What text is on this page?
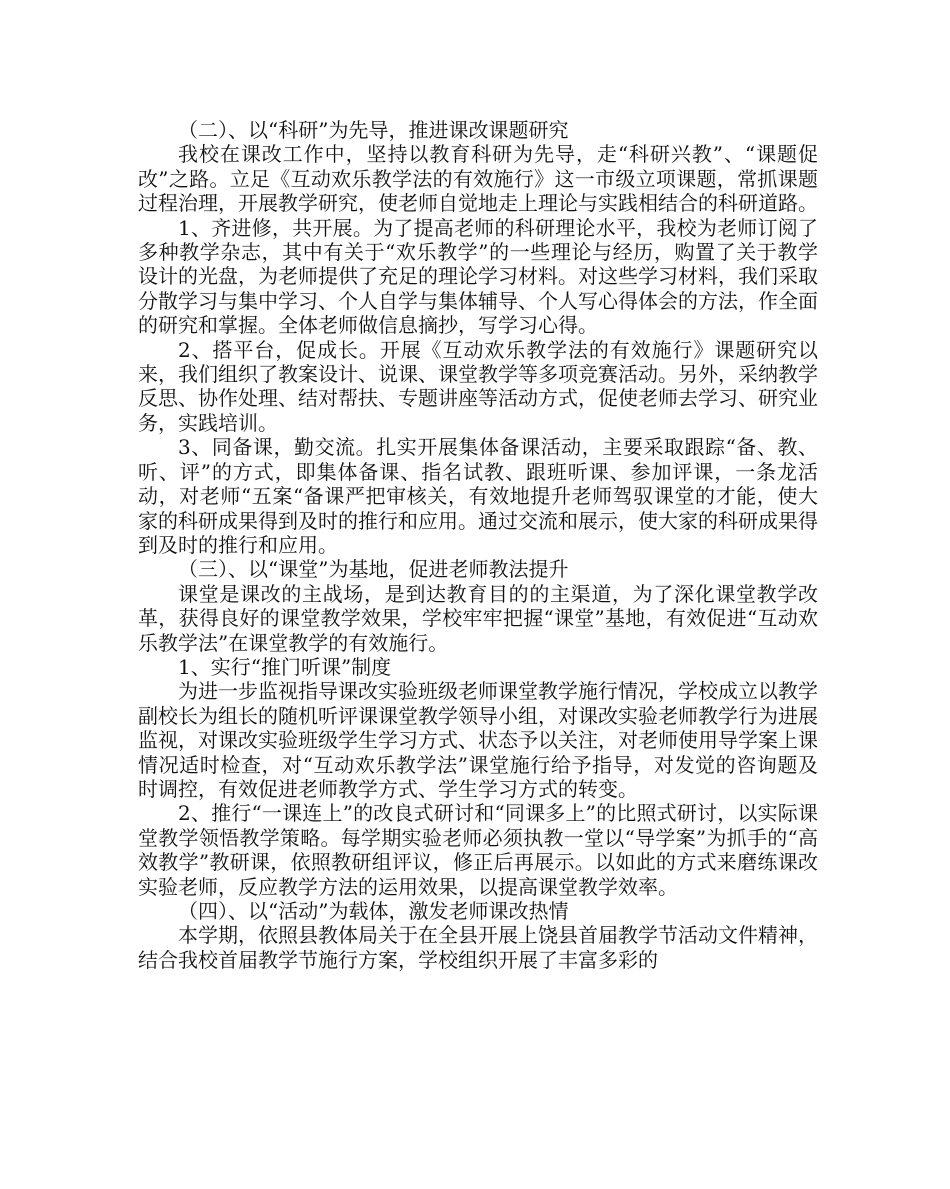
（二）、以“科研”为先导，推进课改课题研究

我校在课改工作中，坚持以教育科研为先导，走“科研兴教”、“课题促改”之路。立足《互动欢乐教学法的有效施行》这一市级立项课题，常抓课题过程治理，开展教学研究，使老师自觉地走上理论与实践相结合的科研道路。

1、齐进修，共开展。为了提高老师的科研理论水平，我校为老师订阅了多种教学杂志，其中有关于“欢乐教学”的一些理论与经历，购置了关于教学设计的光盘，为老师提供了充足的理论学习材料。对这些学习材料，我们采取分散学习与集中学习、个人自学与集体辅导、个人写心得体会的方法，作全面的研究和掌握。全体老师做信息摘抄，写学习心得。

2、搭平台，促成长。开展《互动欢乐教学法的有效施行》课题研究以来，我们组织了教案设计、说课、课堂教学等多项竞赛活动。另外，采纳教学反思、协作处理、结对帮扶、专题讲座等活动方式，促使老师去学习、研究业务，实践培训。

3、同备课，勤交流。扎实开展集体备课活动，主要采取跟踪“备、教、听、评”的方式，即集体备课、指名试教、跟班听课、参加评课，一条龙活动，对老师“五案“备课严把审核关，有效地提升老师驾驭课堂的才能，使大家的科研成果得到及时的推行和应用。通过交流和展示，使大家的科研成果得到及时的推行和应用。

（三）、以“课堂”为基地，促进老师教法提升

课堂是课改的主战场，是到达教育目的的主渠道，为了深化课堂教学改革，获得良好的课堂教学效果，学校牢牢把握“课堂”基地，有效促进“互动欢乐教学法”在课堂教学的有效施行。

1、实行“推门听课”制度

为进一步监视指导课改实验班级老师课堂教学施行情况，学校成立以教学副校长为组长的随机听评课课堂教学领导小组，对课改实验老师教学行为进展监视，对课改实验班级学生学习方式、状态予以关注，对老师使用导学案上课情况适时检查，对“互动欢乐教学法”课堂施行给予指导，对发觉的咨询题及时调控，有效促进老师教学方式、学生学习方式的转变。

2、推行“一课连上”的改良式研讨和“同课多上”的比照式研讨，以实际课堂教学领悟教学策略。每学期实验老师必须执教一堂以“导学案”为抓手的“高效教学”教研课，依照教研组评议，修正后再展示。以如此的方式来磨练课改实验老师，反应教学方法的运用效果，以提高课堂教学效率。

（四）、以“活动”为载体，激发老师课改热情

本学期，依照县教体局关于在全县开展上饶县首届教学节活动文件精神，结合我校首届教学节施行方案，学校组织开展了丰富多彩的
